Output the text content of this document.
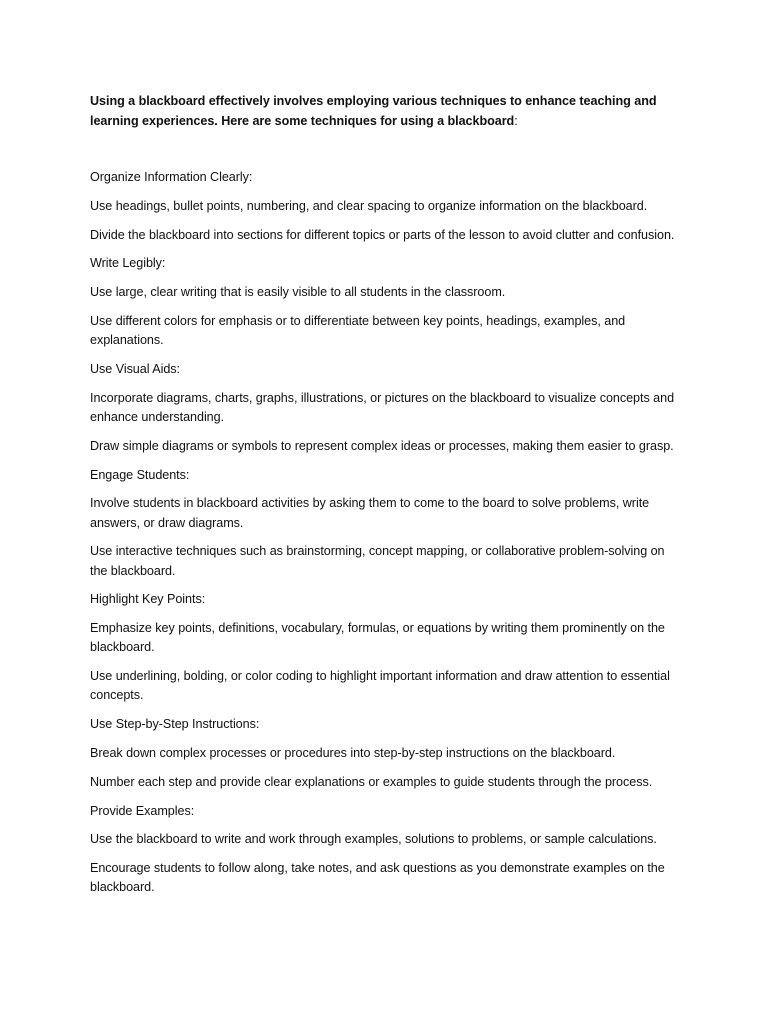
Using a blackboard effectively involves employing various techniques to enhance teaching and learning experiences. Here are some techniques for using a blackboard:

Organize Information Clearly:

Use headings, bullet points, numbering, and clear spacing to organize information on the blackboard.

Divide the blackboard into sections for different topics or parts of the lesson to avoid clutter and confusion.

Write Legibly:

Use large, clear writing that is easily visible to all students in the classroom.

Use different colors for emphasis or to differentiate between key points, headings, examples, and explanations.

Use Visual Aids:

Incorporate diagrams, charts, graphs, illustrations, or pictures on the blackboard to visualize concepts and enhance understanding.

Draw simple diagrams or symbols to represent complex ideas or processes, making them easier to grasp.

Engage Students:

Involve students in blackboard activities by asking them to come to the board to solve problems, write answers, or draw diagrams.

Use interactive techniques such as brainstorming, concept mapping, or collaborative problem-solving on the blackboard.

Highlight Key Points:

Emphasize key points, definitions, vocabulary, formulas, or equations by writing them prominently on the blackboard.

Use underlining, bolding, or color coding to highlight important information and draw attention to essential concepts.

Use Step-by-Step Instructions:

Break down complex processes or procedures into step-by-step instructions on the blackboard.

Number each step and provide clear explanations or examples to guide students through the process.

Provide Examples:

Use the blackboard to write and work through examples, solutions to problems, or sample calculations.

Encourage students to follow along, take notes, and ask questions as you demonstrate examples on the blackboard.
